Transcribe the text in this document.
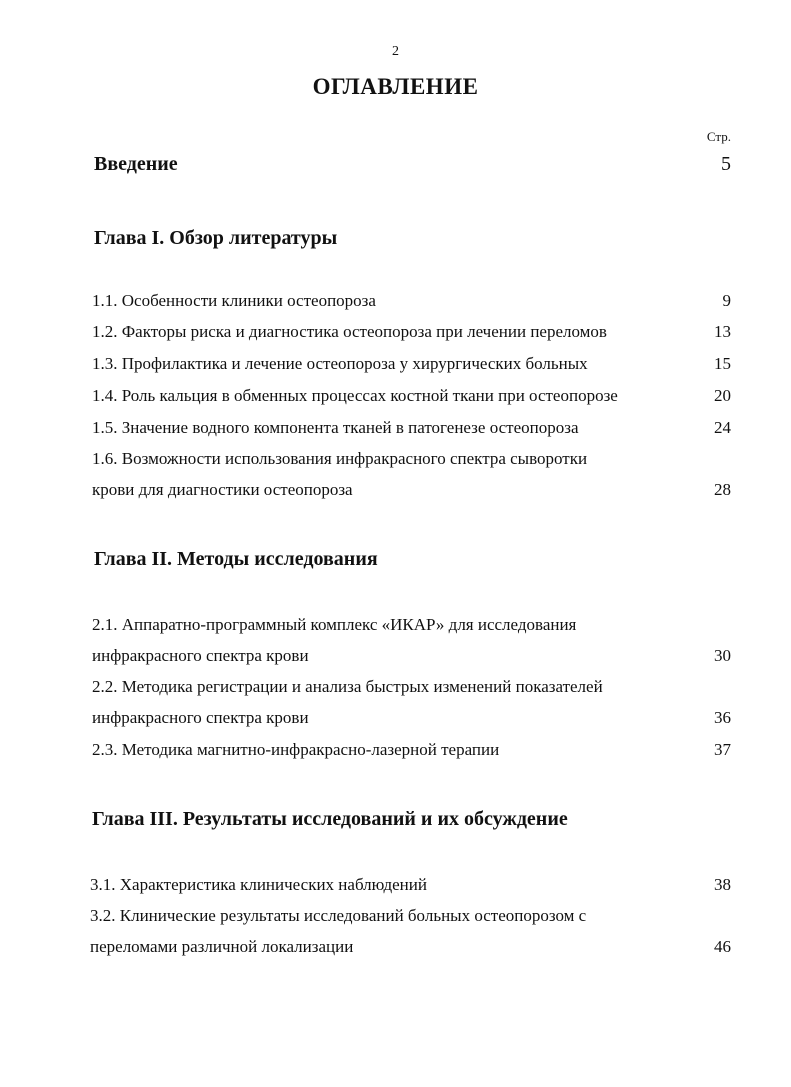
2
ОГЛАВЛЕНИЕ
Стр.
Введение	5
Глава I. Обзор литературы
1.1. Особенности клиники остеопороза	9
1.2. Факторы риска и диагностика остеопороза при лечении переломов	13
1.3. Профилактика и лечение остеопороза у хирургических больных	15
1.4. Роль кальция в обменных процессах костной ткани при остеопорозе	20
1.5. Значение водного компонента тканей в патогенезе остеопороза	24
1.6. Возможности использования инфракрасного спектра сыворотки
крови для диагностики остеопороза	28
Глава II. Методы исследования
2.1. Аппаратно-программный комплекс «ИКАР» для исследования
инфракрасного спектра крови	30
2.2. Методика регистрации и анализа быстрых изменений показателей
инфракрасного спектра крови	36
2.3. Методика магнитно-инфракрасно-лазерной терапии	37
Глава III. Результаты исследований и их обсуждение
3.1. Характеристика клинических наблюдений	38
3.2. Клинические результаты исследований больных остеопорозом с
переломами различной локализации	46
